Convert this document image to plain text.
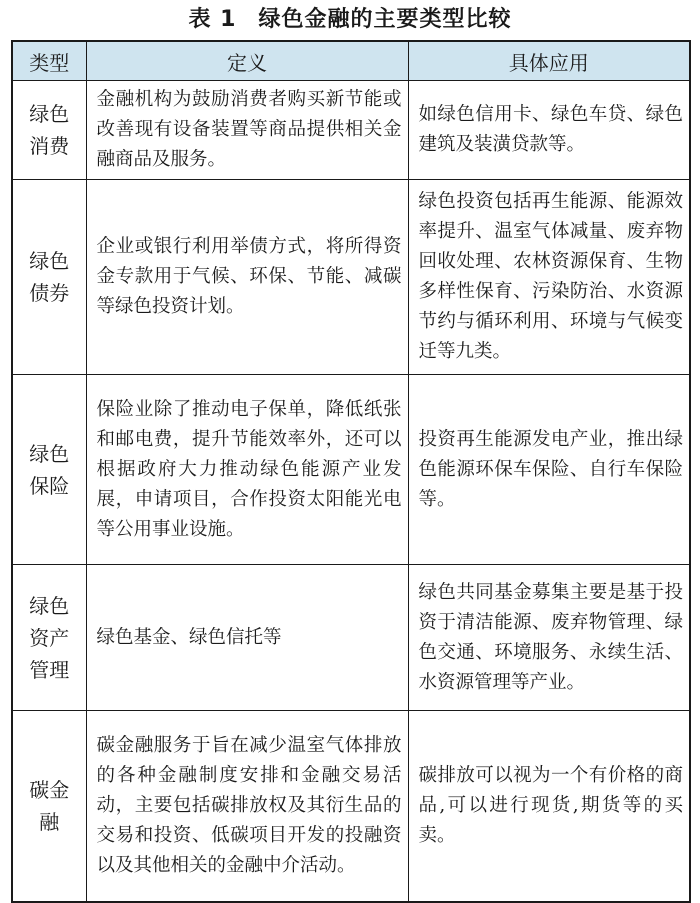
表 1 绿色金融的主要类型比较
类型	定义	具体应用

绿色
消费	金融机构为鼓励消费者购买新节能或改善现有设备装置等商品提供相关金融商品及服务。	如绿色信用卡、绿色车贷、绿色建筑及装潢贷款等。

绿色
债券	企业或银行利用举债方式，将所得资金专款用于气候、环保、节能、减碳等绿色投资计划。	绿色投资包括再生能源、能源效率提升、温室气体减量、废弃物回收处理、农林资源保育、生物多样性保育、污染防治、水资源节约与循环利用、环境与气候变迁等九类。

绿色
保险	保险业除了推动电子保单，降低纸张和邮电费，提升节能效率外，还可以根据政府大力推动绿色能源产业发展，申请项目，合作投资太阳能光电等公用事业设施。	投资再生能源发电产业，推出绿色能源环保车保险、自行车保险等。

绿色
资产
管理	绿色基金、绿色信托等	绿色共同基金募集主要是基于投资于清洁能源、废弃物管理、绿色交通、环境服务、永续生活、水资源管理等产业。

碳金
融	碳金融服务于旨在减少温室气体排放的各种金融制度安排和金融交易活动，主要包括碳排放权及其衍生品的交易和投资、低碳项目开发的投融资以及其他相关的金融中介活动。	碳排放可以视为一个有价格的商品,可以进行现货,期货等的买卖。
